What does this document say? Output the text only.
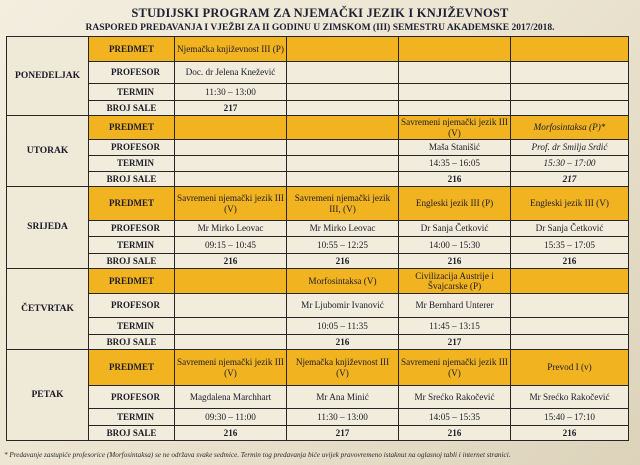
STUDIJSKI PROGRAM ZA NJEMAČKI JEZIK I KNJIŽEVNOST
RASPORED PREDAVANJA I VJEŽBI ZA II GODINU U ZIMSKOM (III) SEMESTRU AKADEMSKE 2017/2018.
PONEDELJAK	PREDMET	Njemačka književnost III (P)			
	PROFESOR	Doc. dr Jelena Knežević			
	TERMIN	11:30 – 13:00			
	BROJ SALE	217			
UTORAK	PREDMET			Savremeni njemački jezik III (V)	Morfosintaksa (P)*
	PROFESOR			Maša Stanišić	Prof. dr Smilja Srdić
	TERMIN			14:35 – 16:05	15:30 – 17:00
	BROJ SALE			216	217
SRIJEDA	PREDMET	Savremeni njemački jezik III (V)	Savremeni njemački jezik III, (V)	Engleski jezik III (P)	Engleski jezik III (V)
	PROFESOR	Mr Mirko Leovac	Mr Mirko Leovac	Dr Sanja Četković	Dr Sanja Četković
	TERMIN	09:15 – 10:45	10:55 – 12:25	14:00 – 15:30	15:35 – 17:05
	BROJ SALE	216	216	216	216
ČETVRTAK	PREDMET		Morfosintaksa (V)	Civilizacija Austrije i Švajcarske (P)	
	PROFESOR		Mr Ljubomir Ivanović	Mr Bernhard Unterer	
	TERMIN		10:05 – 11:35	11:45 – 13:15	
	BROJ SALE		216	217	
PETAK	PREDMET	Savremeni njemački jezik III (V)	Njemačka književnost III (V)	Savremeni njemački jezik III (V)	Prevod I (v)
	PROFESOR	Magdalena Marchhart	Mr Ana Minić	Mr Srećko Rakočević	Mr Srećko Rakočević
	TERMIN	09:30 – 11:00	11:30 – 13:00	14:05 – 15:35	15:40 – 17:10
	BROJ SALE	216	217	216	216
* Predavanje zastupiće profesorice (Morfosintaksa) se ne održava svake sedmice. Termin tog predavanja biće uvijek pravovremeno istaknut na oglasnoj tabli i internet stranici.
